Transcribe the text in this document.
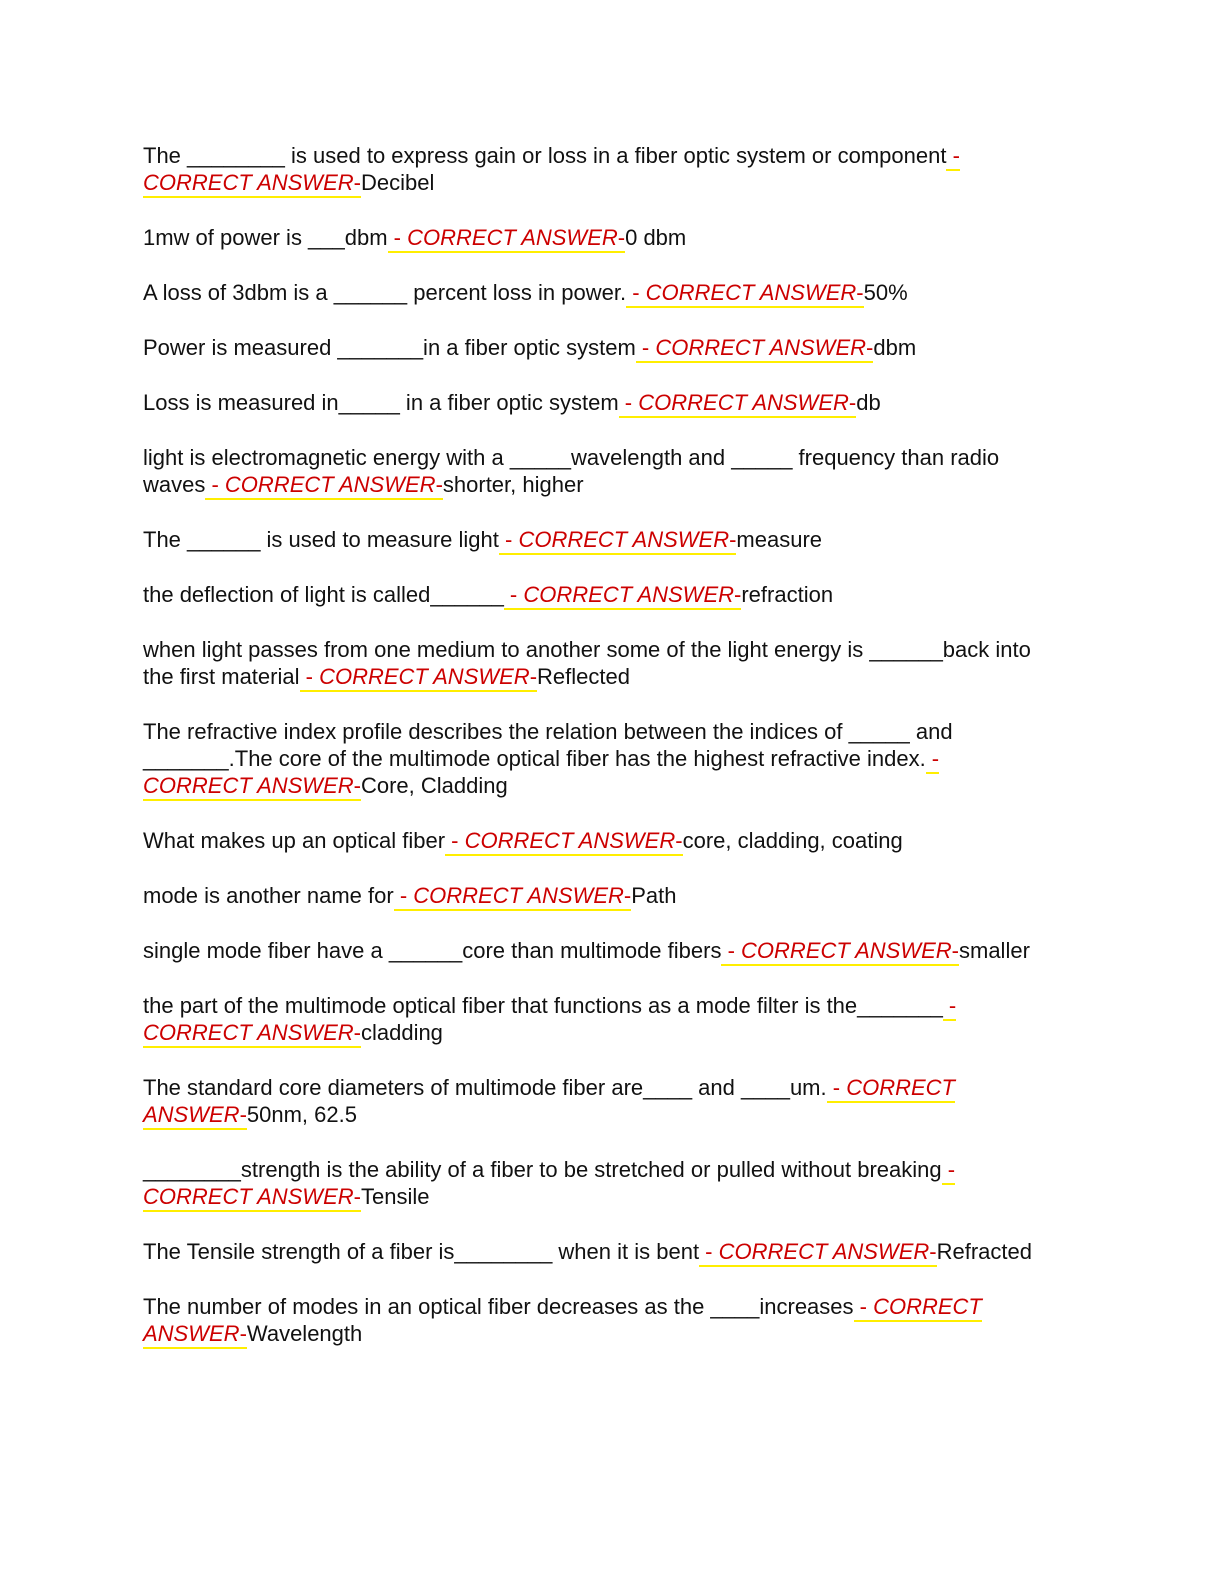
The ________ is used to express gain or loss in a fiber optic system or component - CORRECT ANSWER-Decibel

1mw of power is ___dbm - CORRECT ANSWER-0 dbm

A loss of 3dbm is a ______ percent loss in power. - CORRECT ANSWER-50%

Power is measured _______in a fiber optic system - CORRECT ANSWER-dbm

Loss is measured in_____ in a fiber optic system - CORRECT ANSWER-db

light is electromagnetic energy with a _____wavelength and _____ frequency than radio waves - CORRECT ANSWER-shorter, higher

The ______ is used to measure light - CORRECT ANSWER-measure

the deflection of light is called______ - CORRECT ANSWER-refraction

when light passes from one medium to another some of the light energy is ______back into the first material - CORRECT ANSWER-Reflected

The refractive index profile describes the relation between the indices of _____ and _______.The core of the multimode optical fiber has the highest refractive index. - CORRECT ANSWER-Core, Cladding

What makes up an optical fiber - CORRECT ANSWER-core, cladding, coating

mode is another name for - CORRECT ANSWER-Path

single mode fiber have a ______core than multimode fibers - CORRECT ANSWER-smaller

the part of the multimode optical fiber that functions as a mode filter is the_______ - CORRECT ANSWER-cladding

The standard core diameters of multimode fiber are____ and ____um. - CORRECT ANSWER-50nm, 62.5

________strength is the ability of a fiber to be stretched or pulled without breaking - CORRECT ANSWER-Tensile

The Tensile strength of a fiber is________ when it is bent - CORRECT ANSWER-Refracted

The number of modes in an optical fiber decreases as the ____increases - CORRECT ANSWER-Wavelength
